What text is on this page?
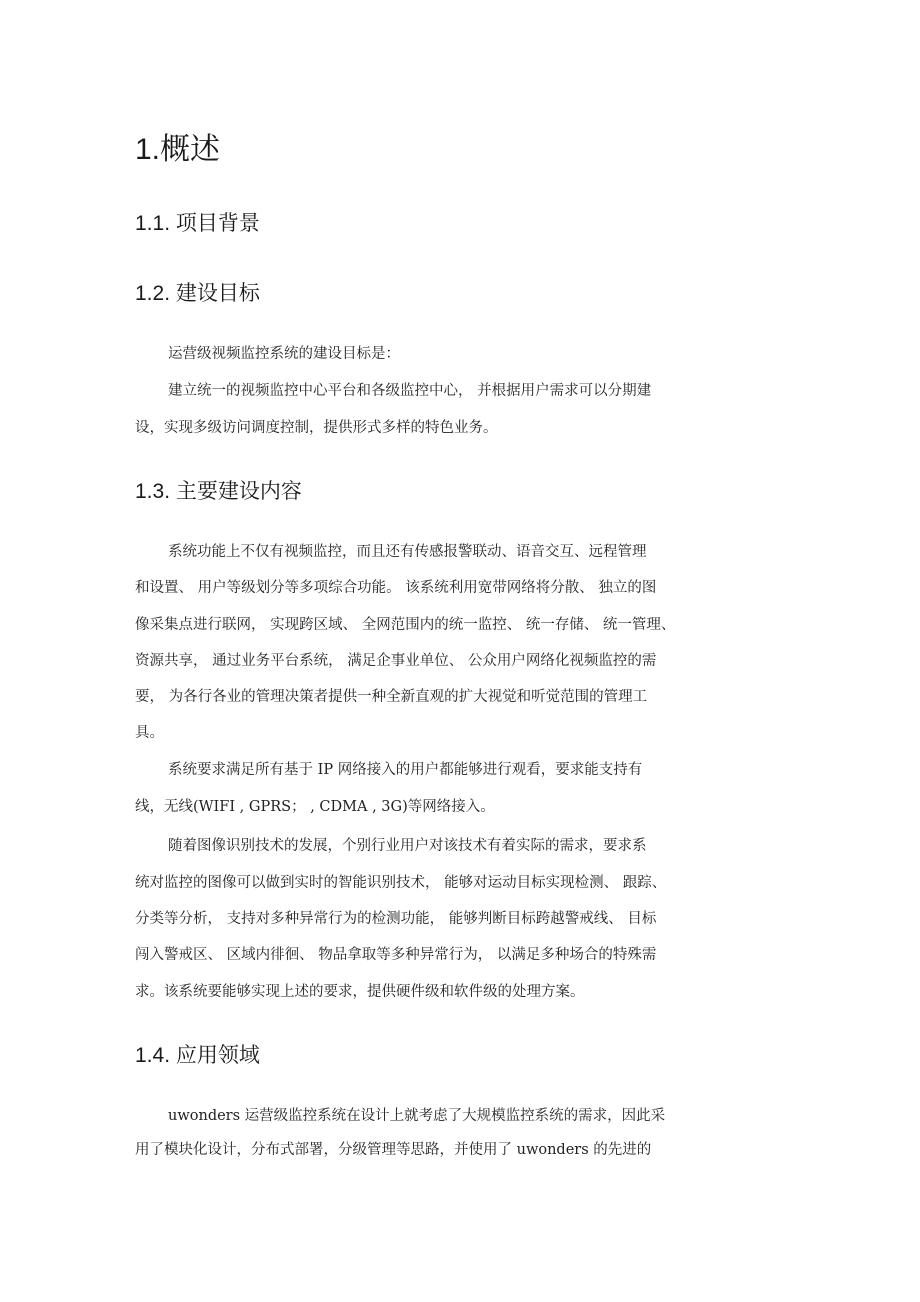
1.概述
1.1. 项目背景
1.2. 建设目标
运营级视频监控系统的建设目标是：
建立统一的视频监控中心平台和各级监控中心， 并根据用户需求可以分期建
设，实现多级访问调度控制，提供形式多样的特色业务。
1.3. 主要建设内容
系统功能上不仅有视频监控，而且还有传感报警联动、语音交互、远程管理
和设置、 用户等级划分等多项综合功能。 该系统利用宽带网络将分散、 独立的图
像采集点进行联网， 实现跨区域、 全网范围内的统一监控、 统一存储、 统一管理、
资源共享， 通过业务平台系统， 满足企事业单位、 公众用户网络化视频监控的需
要， 为各行各业的管理决策者提供一种全新直观的扩大视觉和听觉范围的管理工
具。
系统要求满足所有基于 IP 网络接入的用户都能够进行观看，要求能支持有
线，无线(WIFI , GPRS； , CDMA , 3G)等网络接入。
随着图像识别技术的发展，个别行业用户对该技术有着实际的需求，要求系
统对监控的图像可以做到实时的智能识别技术， 能够对运动目标实现检测、 跟踪、
分类等分析， 支持对多种异常行为的检测功能， 能够判断目标跨越警戒线、 目标
闯入警戒区、 区域内徘徊、 物品拿取等多种异常行为， 以满足多种场合的特殊需
求。该系统要能够实现上述的要求，提供硬件级和软件级的处理方案。
1.4. 应用领域
uwonders 运营级监控系统在设计上就考虑了大规模监控系统的需求，因此采
用了模块化设计，分布式部署，分级管理等思路，并使用了 uwonders 的先进的
